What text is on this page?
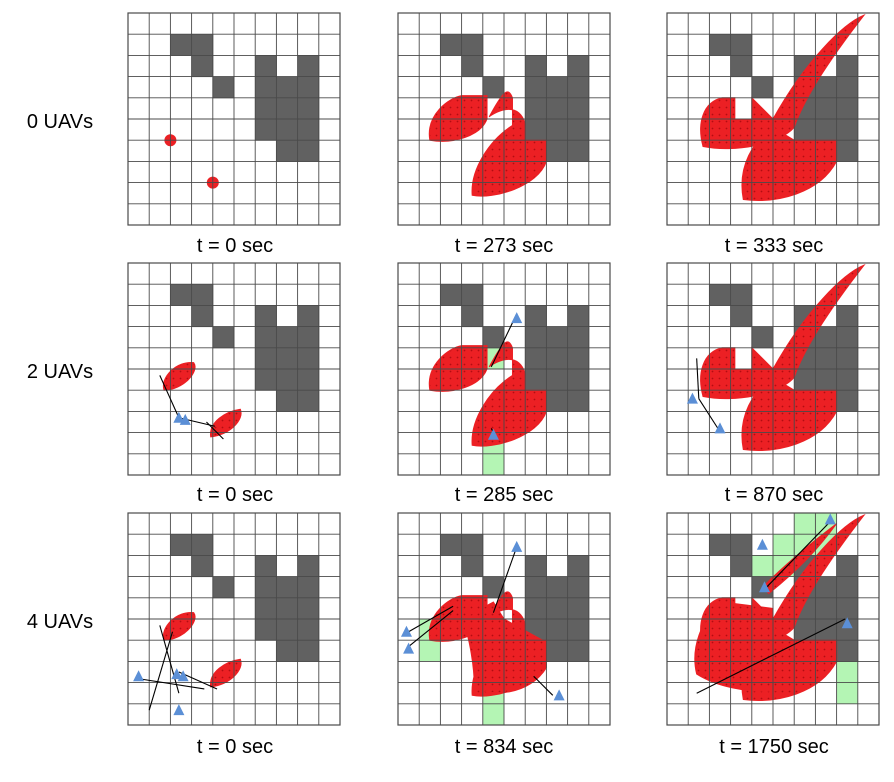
0 UAVs
2 UAVs
4 UAVs
t = 0 sec	t = 273 sec	t = 333 sec
t = 0 sec	t = 285 sec	t = 870 sec
t = 0 sec	t = 834 sec	t = 1750 sec
